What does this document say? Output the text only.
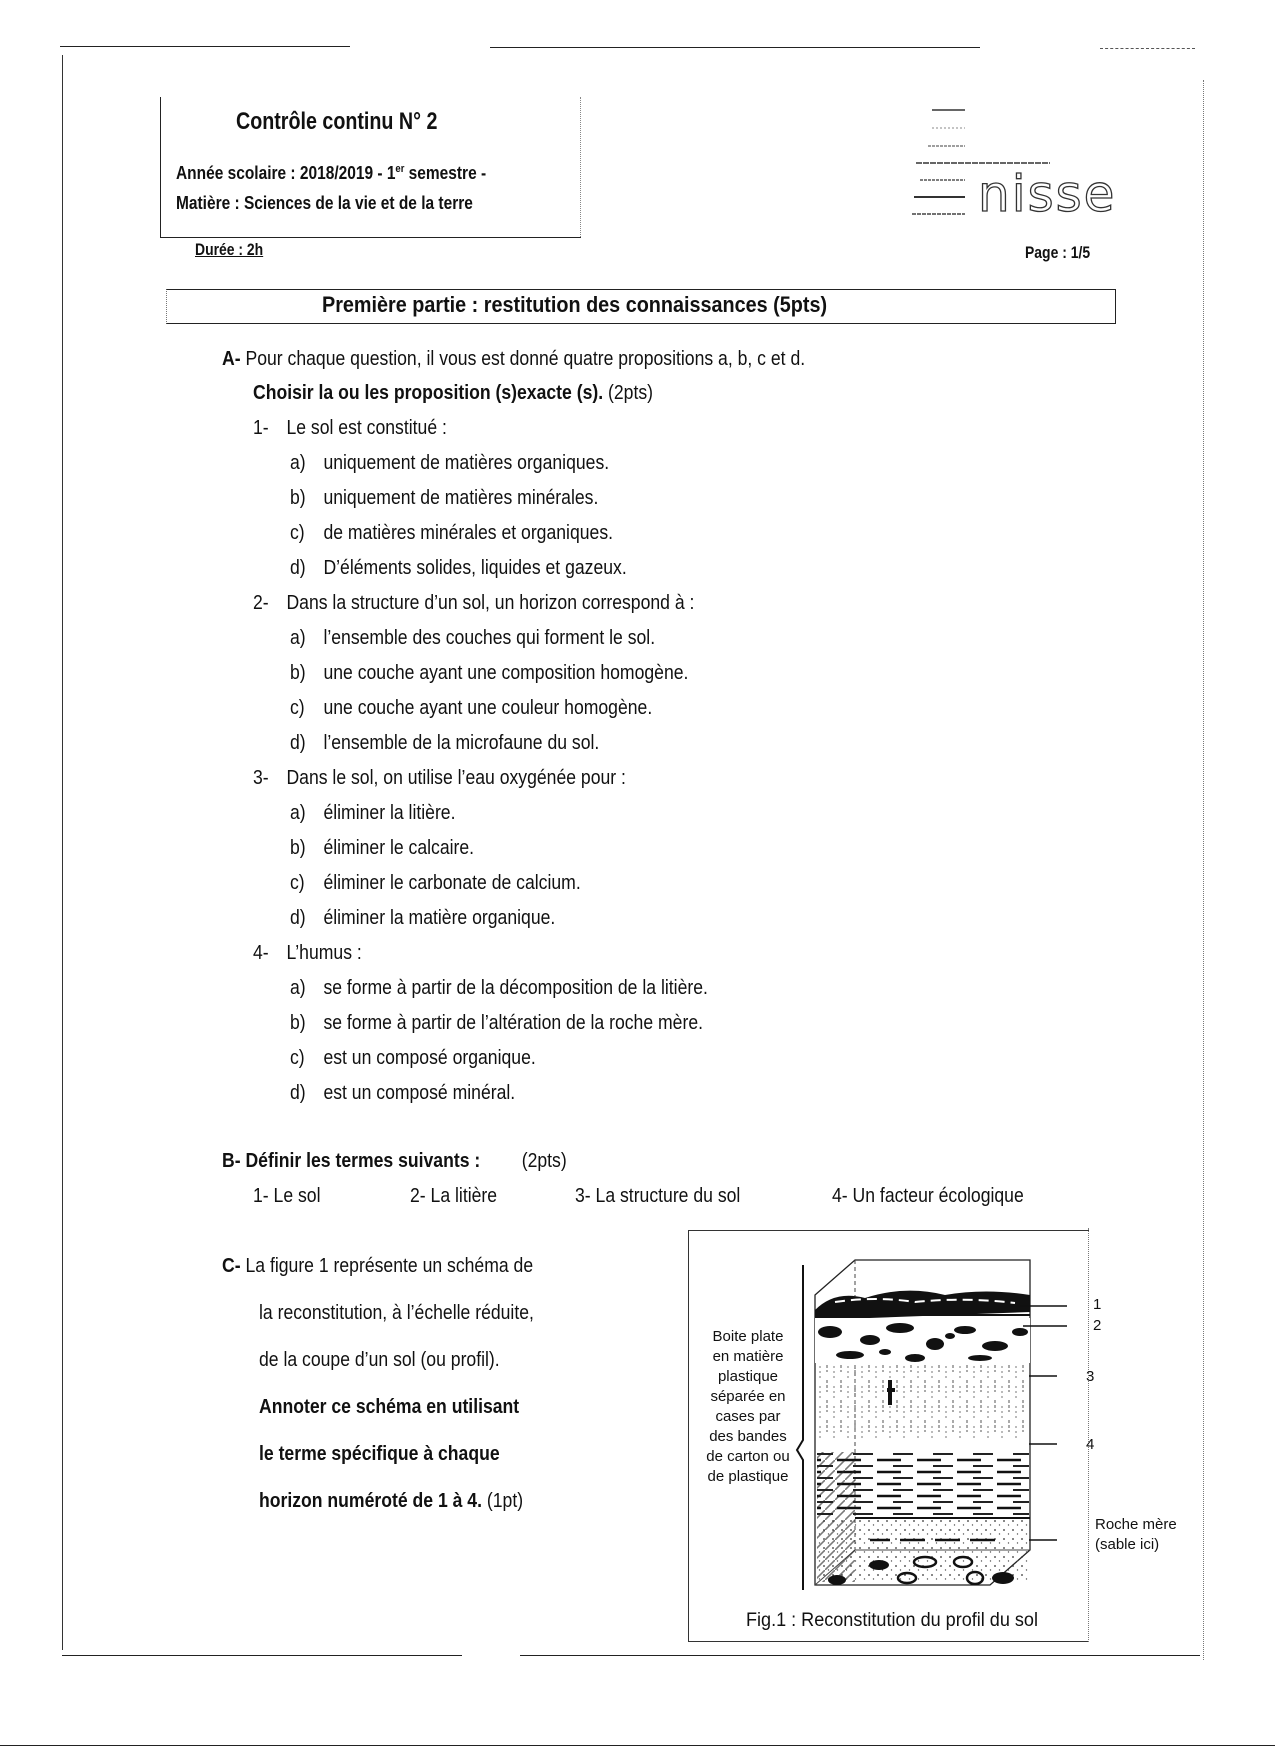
Contrôle continu N° 2
Année scolaire : 2018/2019 - 1er semestre -
Matière : Sciences de la vie et de la terre
Durée : 2h	Page : 1/5
nisse
Première partie : restitution des connaissances (5pts)
A- Pour chaque question, il vous est donné quatre propositions a, b, c et d.
Choisir la ou les proposition (s)exacte (s). (2pts)
1- Le sol est constitué :
a) uniquement de matières organiques.
b) uniquement de matières minérales.
c) de matières minérales et organiques.
d) D’éléments solides, liquides et gazeux.
2- Dans la structure d’un sol, un horizon correspond à :
a) l’ensemble des couches qui forment le sol.
b) une couche ayant une composition homogène.
c) une couche ayant une couleur homogène.
d) l’ensemble de la microfaune du sol.
3- Dans le sol, on utilise l’eau oxygénée pour :
a) éliminer la litière.
b) éliminer le calcaire.
c) éliminer le carbonate de calcium.
d) éliminer la matière organique.
4- L’humus :
a) se forme à partir de la décomposition de la litière.
b) se forme à partir de l’altération de la roche mère.
c) est un composé organique.
d) est un composé minéral.
B- Définir les termes suivants : (2pts)
1- Le sol	2- La litière	3- La structure du sol	4- Un facteur écologique
C- La figure 1 représente un schéma de
la reconstitution, à l’échelle réduite,
de la coupe d’un sol (ou profil).
Annoter ce schéma en utilisant
le terme spécifique à chaque
horizon numéroté de 1 à 4. (1pt)
Boite plate en matière plastique séparée en cases par des bandes de carton ou de plastique
1
2
3
4
Roche mère
(sable ici)
Fig.1 : Reconstitution du profil du sol
